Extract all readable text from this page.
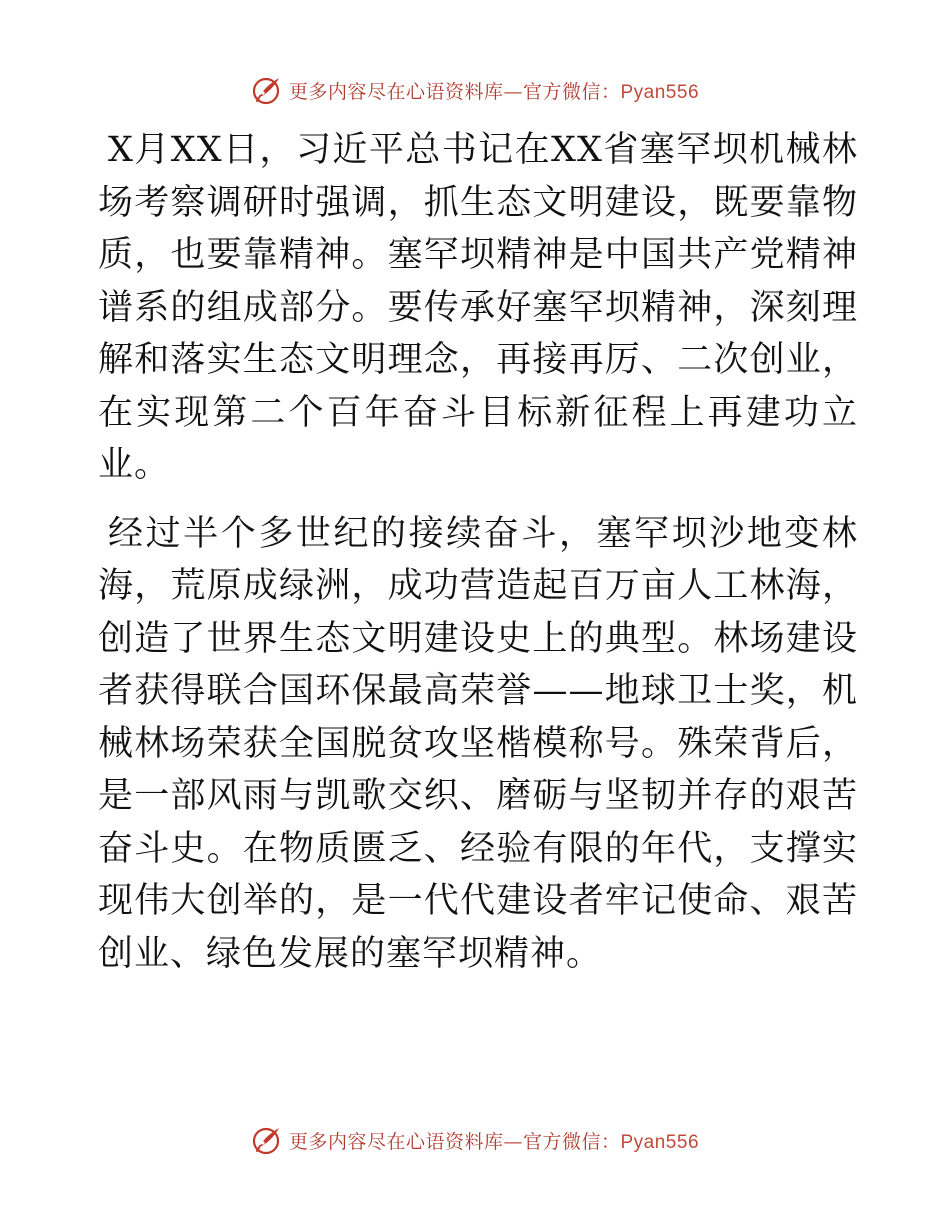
更多内容尽在心语资料库—官方微信：Pyan556

X月XX日，习近平总书记在XX省塞罕坝机械林场考察调研时强调，抓生态文明建设，既要靠物质，也要靠精神。塞罕坝精神是中国共产党精神谱系的组成部分。要传承好塞罕坝精神，深刻理解和落实生态文明理念，再接再厉、二次创业，在实现第二个百年奋斗目标新征程上再建功立业。

经过半个多世纪的接续奋斗，塞罕坝沙地变林海，荒原成绿洲，成功营造起百万亩人工林海，创造了世界生态文明建设史上的典型。林场建设者获得联合国环保最高荣誉——地球卫士奖，机械林场荣获全国脱贫攻坚楷模称号。殊荣背后，是一部风雨与凯歌交织、磨砺与坚韧并存的艰苦奋斗史。在物质匮乏、经验有限的年代，支撑实现伟大创举的，是一代代建设者牢记使命、艰苦创业、绿色发展的塞罕坝精神。

更多内容尽在心语资料库—官方微信：Pyan556
